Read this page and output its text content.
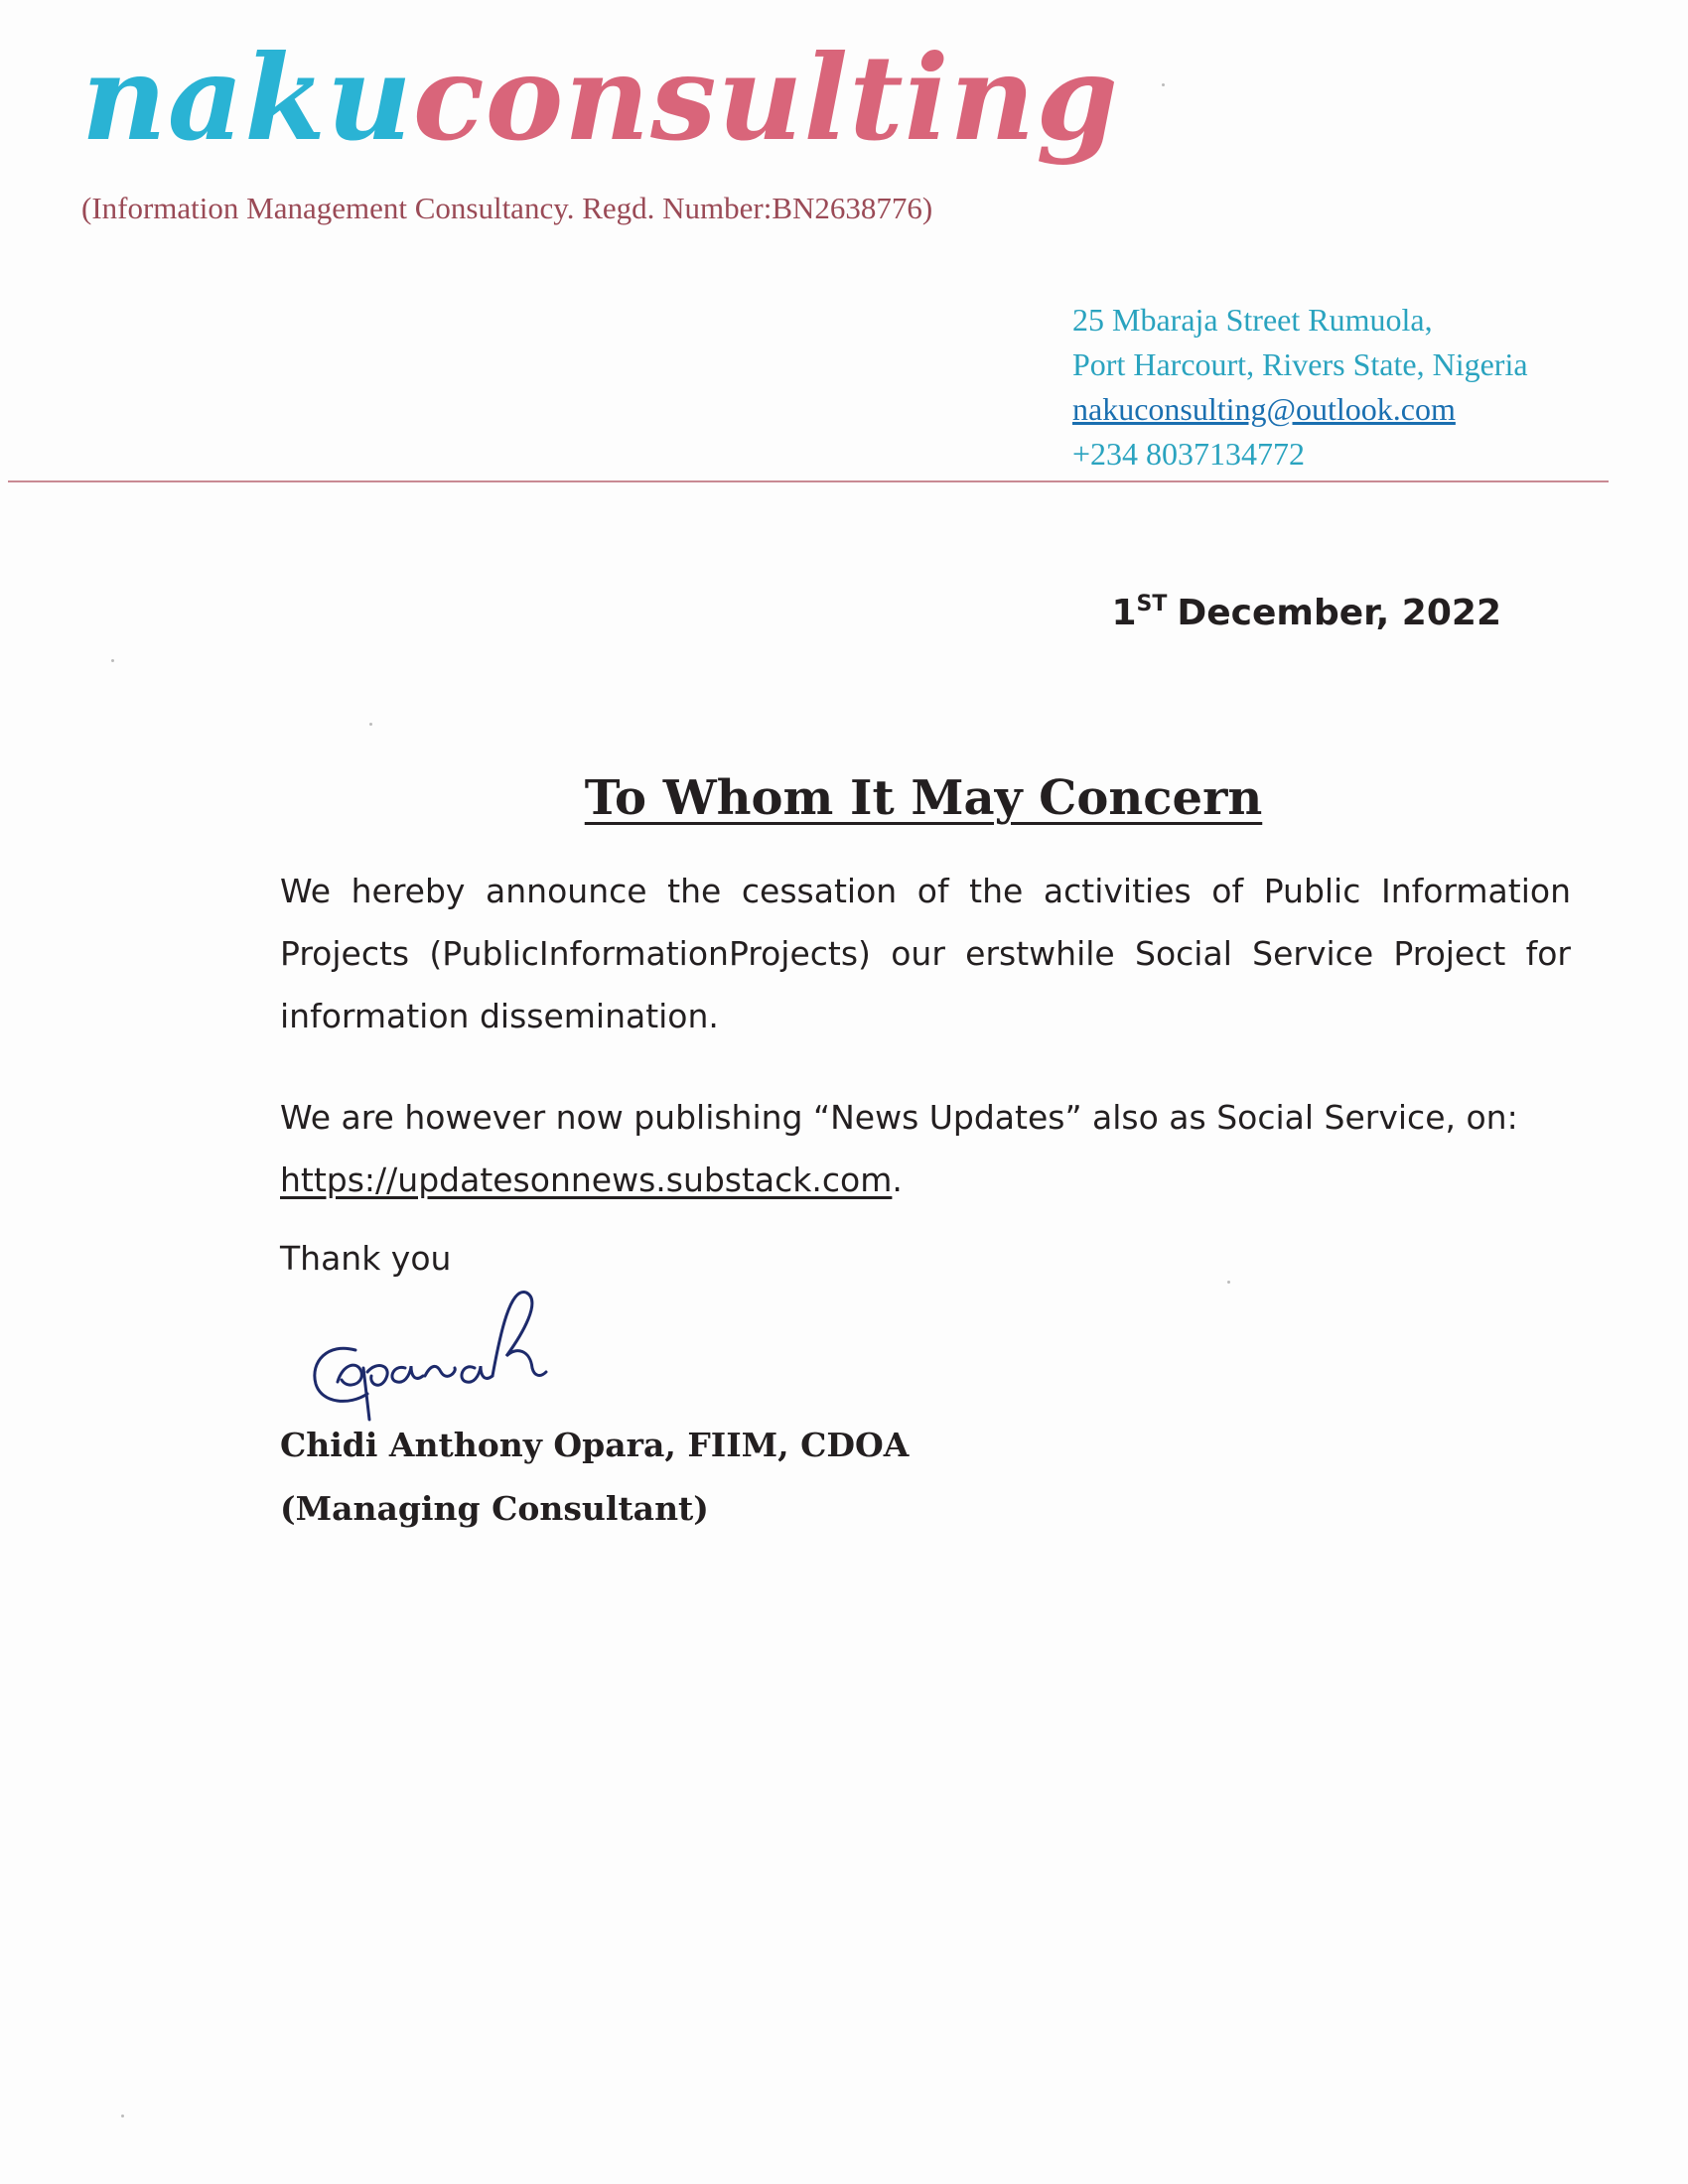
nakuconsulting
(Information Management Consultancy. Regd. Number:BN2638776)
25 Mbaraja Street Rumuola,
Port Harcourt, Rivers State, Nigeria
nakuconsulting@outlook.com
+234 8037134772
1ST December, 2022
To Whom It May Concern
We hereby announce the cessation of the activities of Public Information Projects (PublicInformationProjects) our erstwhile Social Service Project for information dissemination.
We are however now publishing “News Updates” also as Social Service, on:
https://updatesonnews.substack.com.
Thank you
Chidi Anthony Opara, FIIM, CDOA
(Managing Consultant)
